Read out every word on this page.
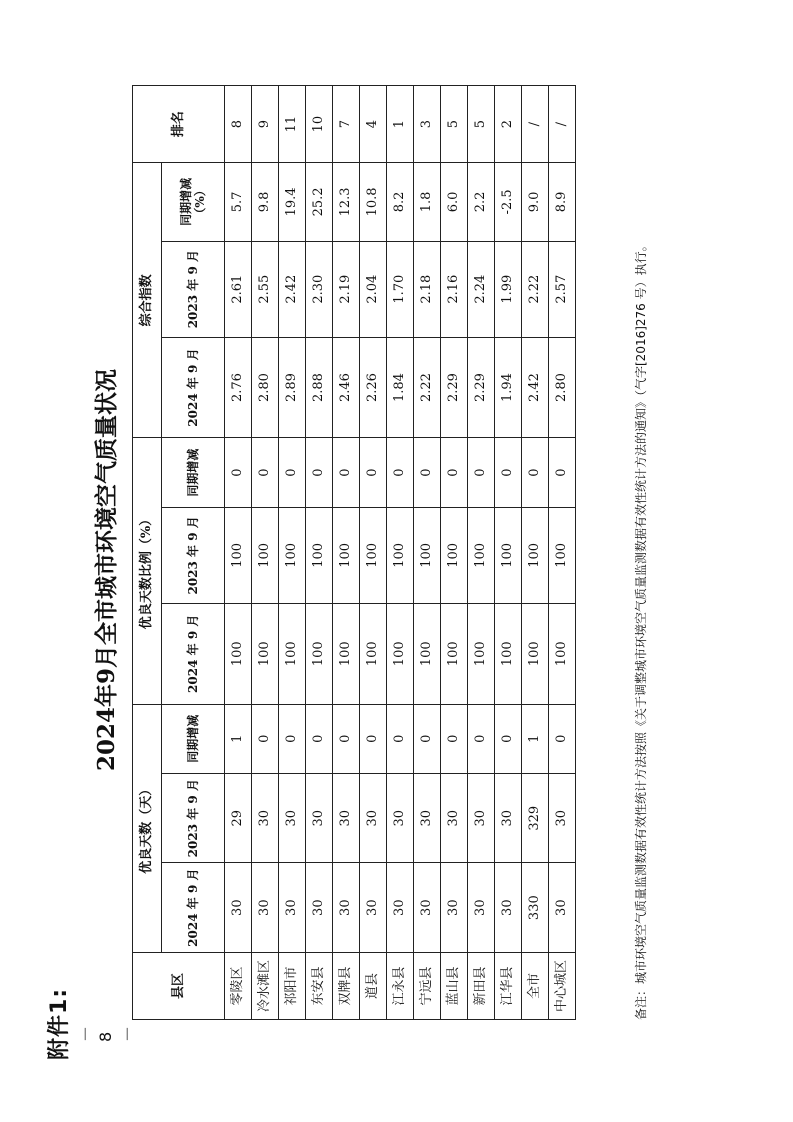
附件1:
2024年9月全市城市环境空气质量状况
县区	优良天数（天）			优良天数比例（%）			综合指数			排名
	2024 年 9 月	2023 年 9 月	同期增减	2024 年 9 月	2023 年 9 月	同期增减	2024 年 9 月	2023 年 9 月	同期增减（%）	
零陵区	30	29	1	100	100	0	2.76	2.61	5.7	8
冷水滩区	30	30	0	100	100	0	2.80	2.55	9.8	9
祁阳市	30	30	0	100	100	0	2.89	2.42	19.4	11
东安县	30	30	0	100	100	0	2.88	2.30	25.2	10
双牌县	30	30	0	100	100	0	2.46	2.19	12.3	7
道县	30	30	0	100	100	0	2.26	2.04	10.8	4
江永县	30	30	0	100	100	0	1.84	1.70	8.2	1
宁远县	30	30	0	100	100	0	2.22	2.18	1.8	3
蓝山县	30	30	0	100	100	0	2.29	2.16	6.0	5
新田县	30	30	0	100	100	0	2.29	2.24	2.2	5
江华县	30	30	0	100	100	0	1.94	1.99	-2.5	2
全市	330	329	1	100	100	0	2.42	2.22	9.0	/
中心城区	30	30	0	100	100	0	2.80	2.57	8.9	/
备注：城市环境空气质量监测数据有效性统计方法按照《关于调整城市环境空气质量监测数据有效性统计方法的通知》（气字[2016]276 号）执行。
－ 8 －
